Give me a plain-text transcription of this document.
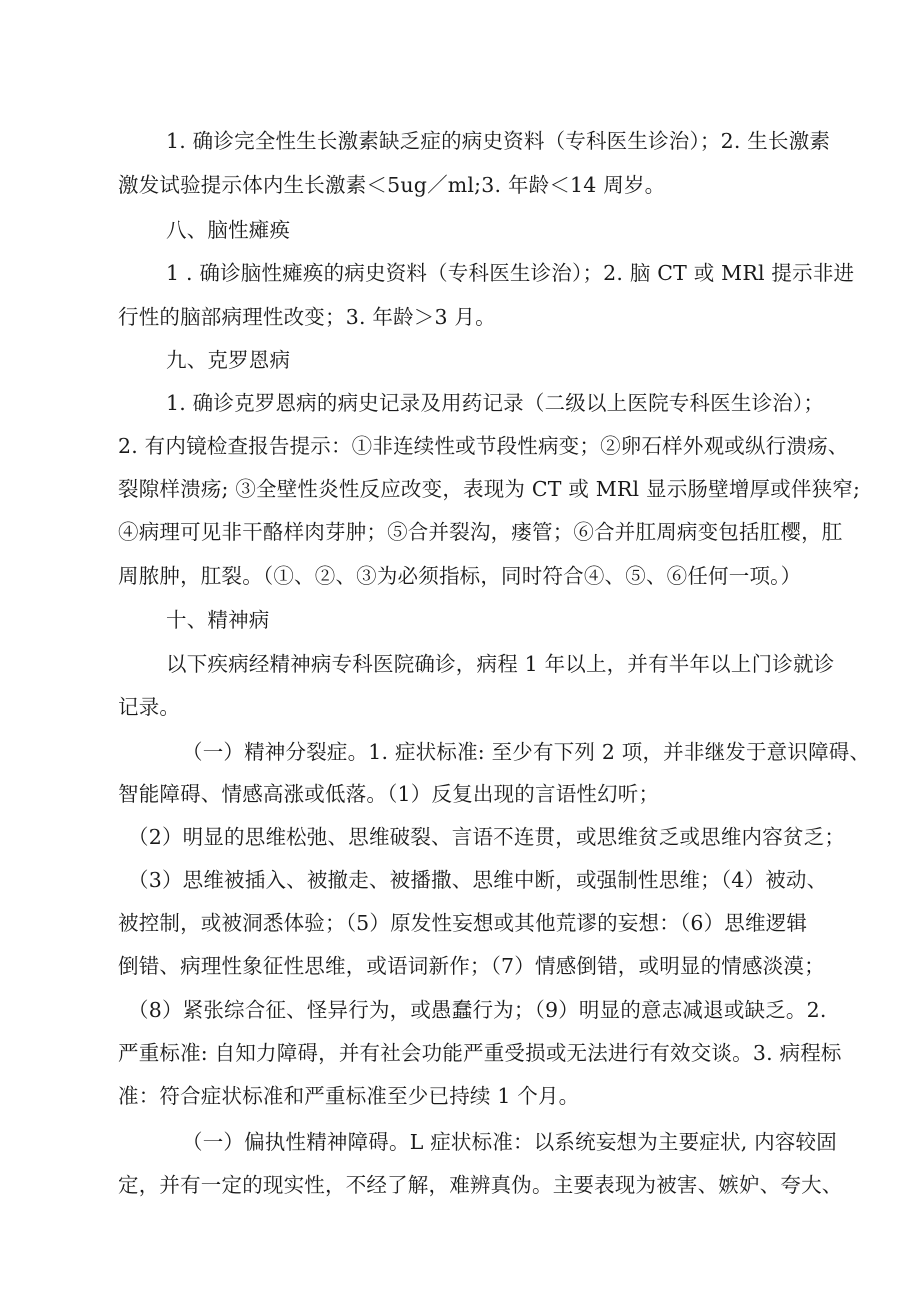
1. 确诊完全性生长激素缺乏症的病史资料（专科医生诊治）；2. 生长激素
激发试验提示体内生长激素＜5ug／ml;3. 年龄＜14 周岁。
八、脑性瘫痪
1 . 确诊脑性瘫痪的病史资料（专科医生诊治）；2. 脑 CT 或 MRl 提示非进
行性的脑部病理性改变；3. 年龄＞3 月。
九、克罗恩病
1. 确诊克罗恩病的病史记录及用药记录（二级以上医院专科医生诊治）；
2. 有内镜检查报告提示：①非连续性或节段性病变；②卵石样外观或纵行溃疡、
裂隙样溃疡; ③全壁性炎性反应改变，表现为 CT 或 MRl 显示肠壁增厚或伴狭窄;
④病理可见非干酪样肉芽肿；⑤合并裂沟，瘘管；⑥合并肛周病变包括肛樱，肛
周脓肿，肛裂。（①、②、③为必须指标，同时符合④、⑤、⑥任何一项。）
十、精神病
以下疾病经精神病专科医院确诊，病程 1 年以上，并有半年以上门诊就诊
记录。
（一）精神分裂症。1. 症状标准: 至少有下列 2 项，并非继发于意识障碍、
智能障碍、情感高涨或低落。（1）反复出现的言语性幻听；
（2）明显的思维松弛、思维破裂、言语不连贯，或思维贫乏或思维内容贫乏；
（3）思维被插入、被撤走、被播撒、思维中断，或强制性思维；（4）被动、
被控制，或被洞悉体验；（5）原发性妄想或其他荒谬的妄想：（6）思维逻辑
倒错、病理性象征性思维，或语词新作；（7）情感倒错，或明显的情感淡漠；
（8）紧张综合征、怪异行为，或愚蠢行为；（9）明显的意志减退或缺乏。2.
严重标准: 自知力障碍，并有社会功能严重受损或无法进行有效交谈。3. 病程标
准：符合症状标准和严重标准至少已持续 1 个月。
（一）偏执性精神障碍。L 症状标准：以系统妄想为主要症状, 内容较固
定，并有一定的现实性，不经了解，难辨真伪。主要表现为被害、嫉妒、夸大、
